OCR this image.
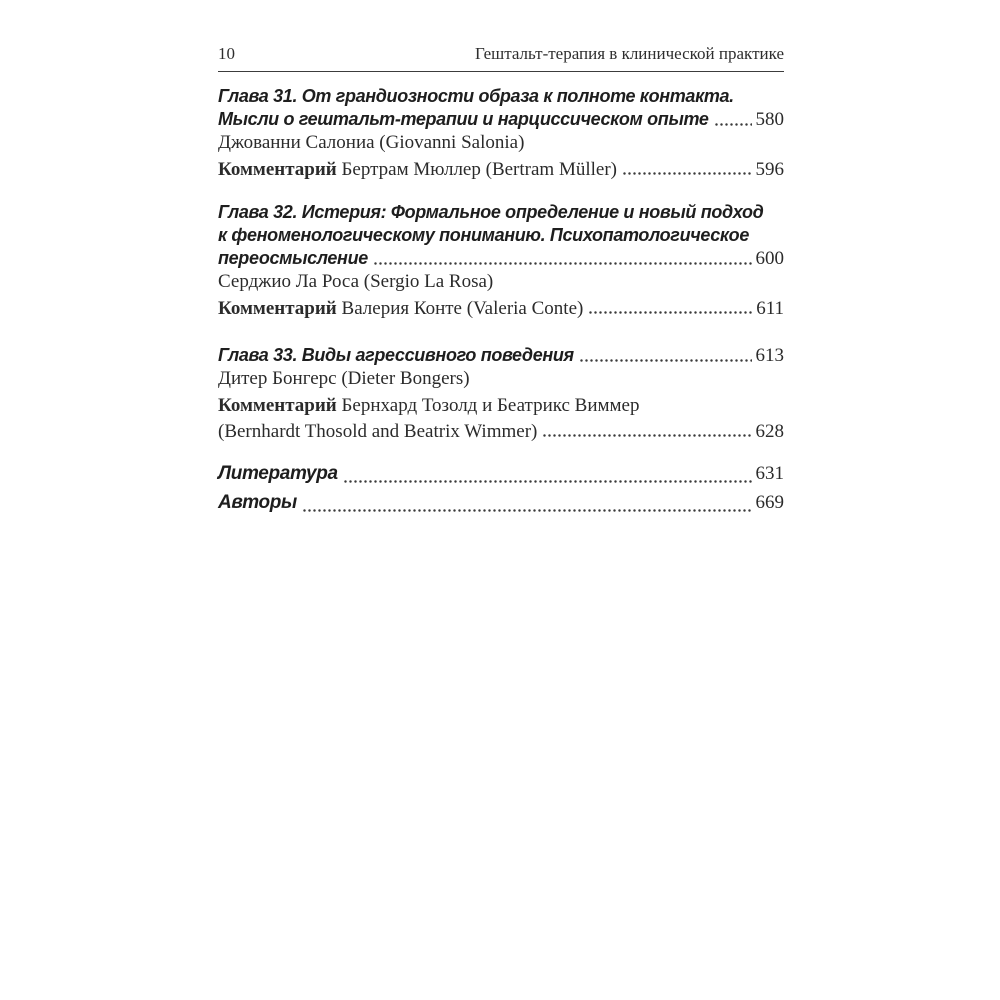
10	Гештальт-терапия в клинической практике
Глава 31. От грандиозности образа к полноте контакта.
Мысли о гештальт-терапии и нарциссическом опыте 580
Джованни Салониа (Giovanni Salonia)
Комментарий Бертрам Мюллер (Bertram Müller)	596
Глава 32. Истерия: Формальное определение и новый подход
к феноменологическому пониманию. Психопатологическое
переосмысление	600
Серджио Ла Роса (Sergio La Rosa)
Комментарий Валерия Конте (Valeria Conte)	611
Глава 33. Виды агрессивного поведения	613
Дитер Бонгерс (Dieter Bongers)
Комментарий Бернхард Тозолд и Беатрикс Виммер
(Bernhardt Thosold and Beatrix Wimmer)	628
Литература	631
Авторы	669
